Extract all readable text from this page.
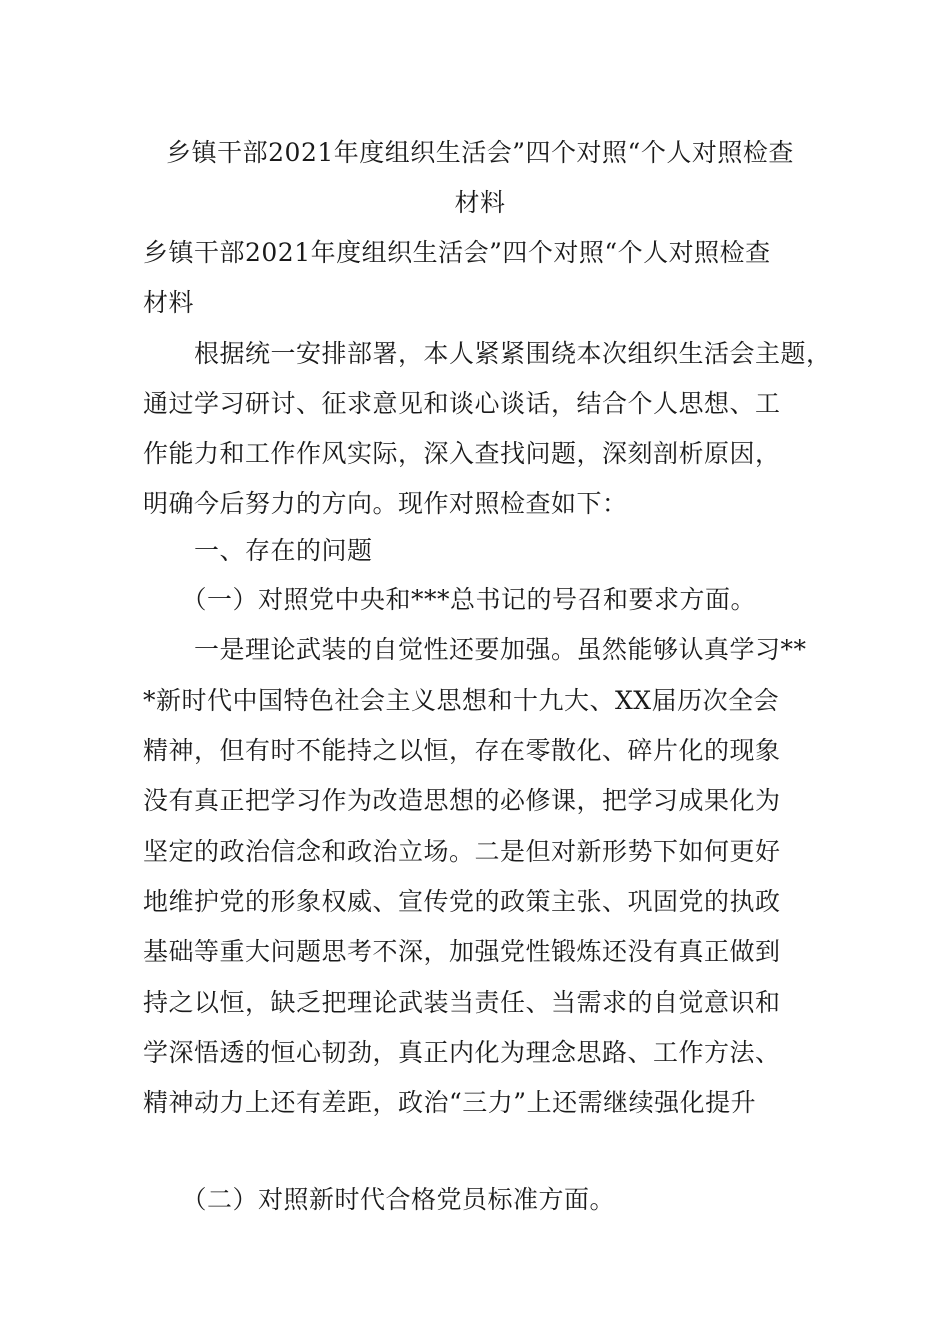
乡镇干部2021年度组织生活会”四个对照“个人对照检查
材料
乡镇干部2021年度组织生活会”四个对照“个人对照检查
材料
　　根据统一安排部署，本人紧紧围绕本次组织生活会主题，
通过学习研讨、征求意见和谈心谈话，结合个人思想、工
作能力和工作作风实际，深入查找问题，深刻剖析原因，
明确今后努力的方向。现作对照检查如下：
　　一、存在的问题
　　（一）对照党中央和***总书记的号召和要求方面。
　　一是理论武装的自觉性还要加强。虽然能够认真学习**
*新时代中国特色社会主义思想和十九大、XX届历次全会
精神，但有时不能持之以恒，存在零散化、碎片化的现象
没有真正把学习作为改造思想的必修课，把学习成果化为
坚定的政治信念和政治立场。二是但对新形势下如何更好
地维护党的形象权威、宣传党的政策主张、巩固党的执政
基础等重大问题思考不深，加强党性锻炼还没有真正做到
持之以恒，缺乏把理论武装当责任、当需求的自觉意识和
学深悟透的恒心韧劲，真正内化为理念思路、工作方法、
精神动力上还有差距，政治“三力”上还需继续强化提升
　　（二）对照新时代合格党员标准方面。
